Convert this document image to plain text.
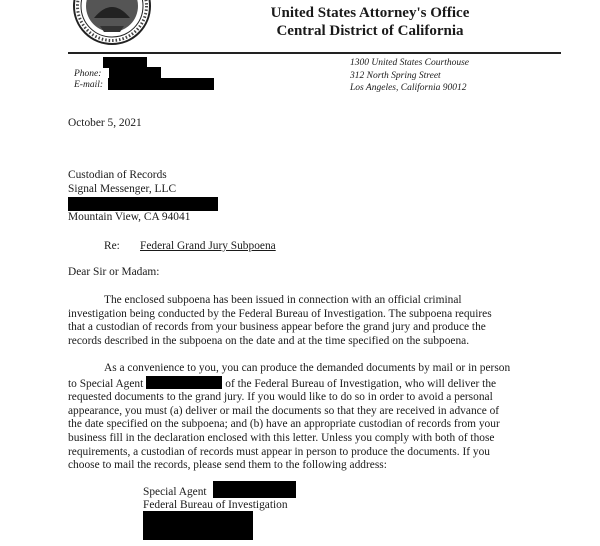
United States Attorney's Office
Central District of California
Phone:
E-mail:
1300 United States Courthouse
312 North Spring Street
Los Angeles, California 90012
October 5, 2021
Custodian of Records
Signal Messenger, LLC
Mountain View, CA 94041
Re: Federal Grand Jury Subpoena
Dear Sir or Madam:
The enclosed subpoena has been issued in connection with an official criminal
investigation being conducted by the Federal Bureau of Investigation. The subpoena requires
that a custodian of records from your business appear before the grand jury and produce the
records described in the subpoena on the date and at the time specified on the subpoena.
As a convenience to you, you can produce the demanded documents by mail or in person
to Special Agent	of the Federal Bureau of Investigation, who will deliver the
requested documents to the grand jury. If you would like to do so in order to avoid a personal
appearance, you must (a) deliver or mail the documents so that they are received in advance of
the date specified on the subpoena; and (b) have an appropriate custodian of records from your
business fill in the declaration enclosed with this letter. Unless you comply with both of those
requirements, a custodian of records must appear in person to produce the documents. If you
choose to mail the records, please send them to the following address:
Special Agent
Federal Bureau of Investigation
